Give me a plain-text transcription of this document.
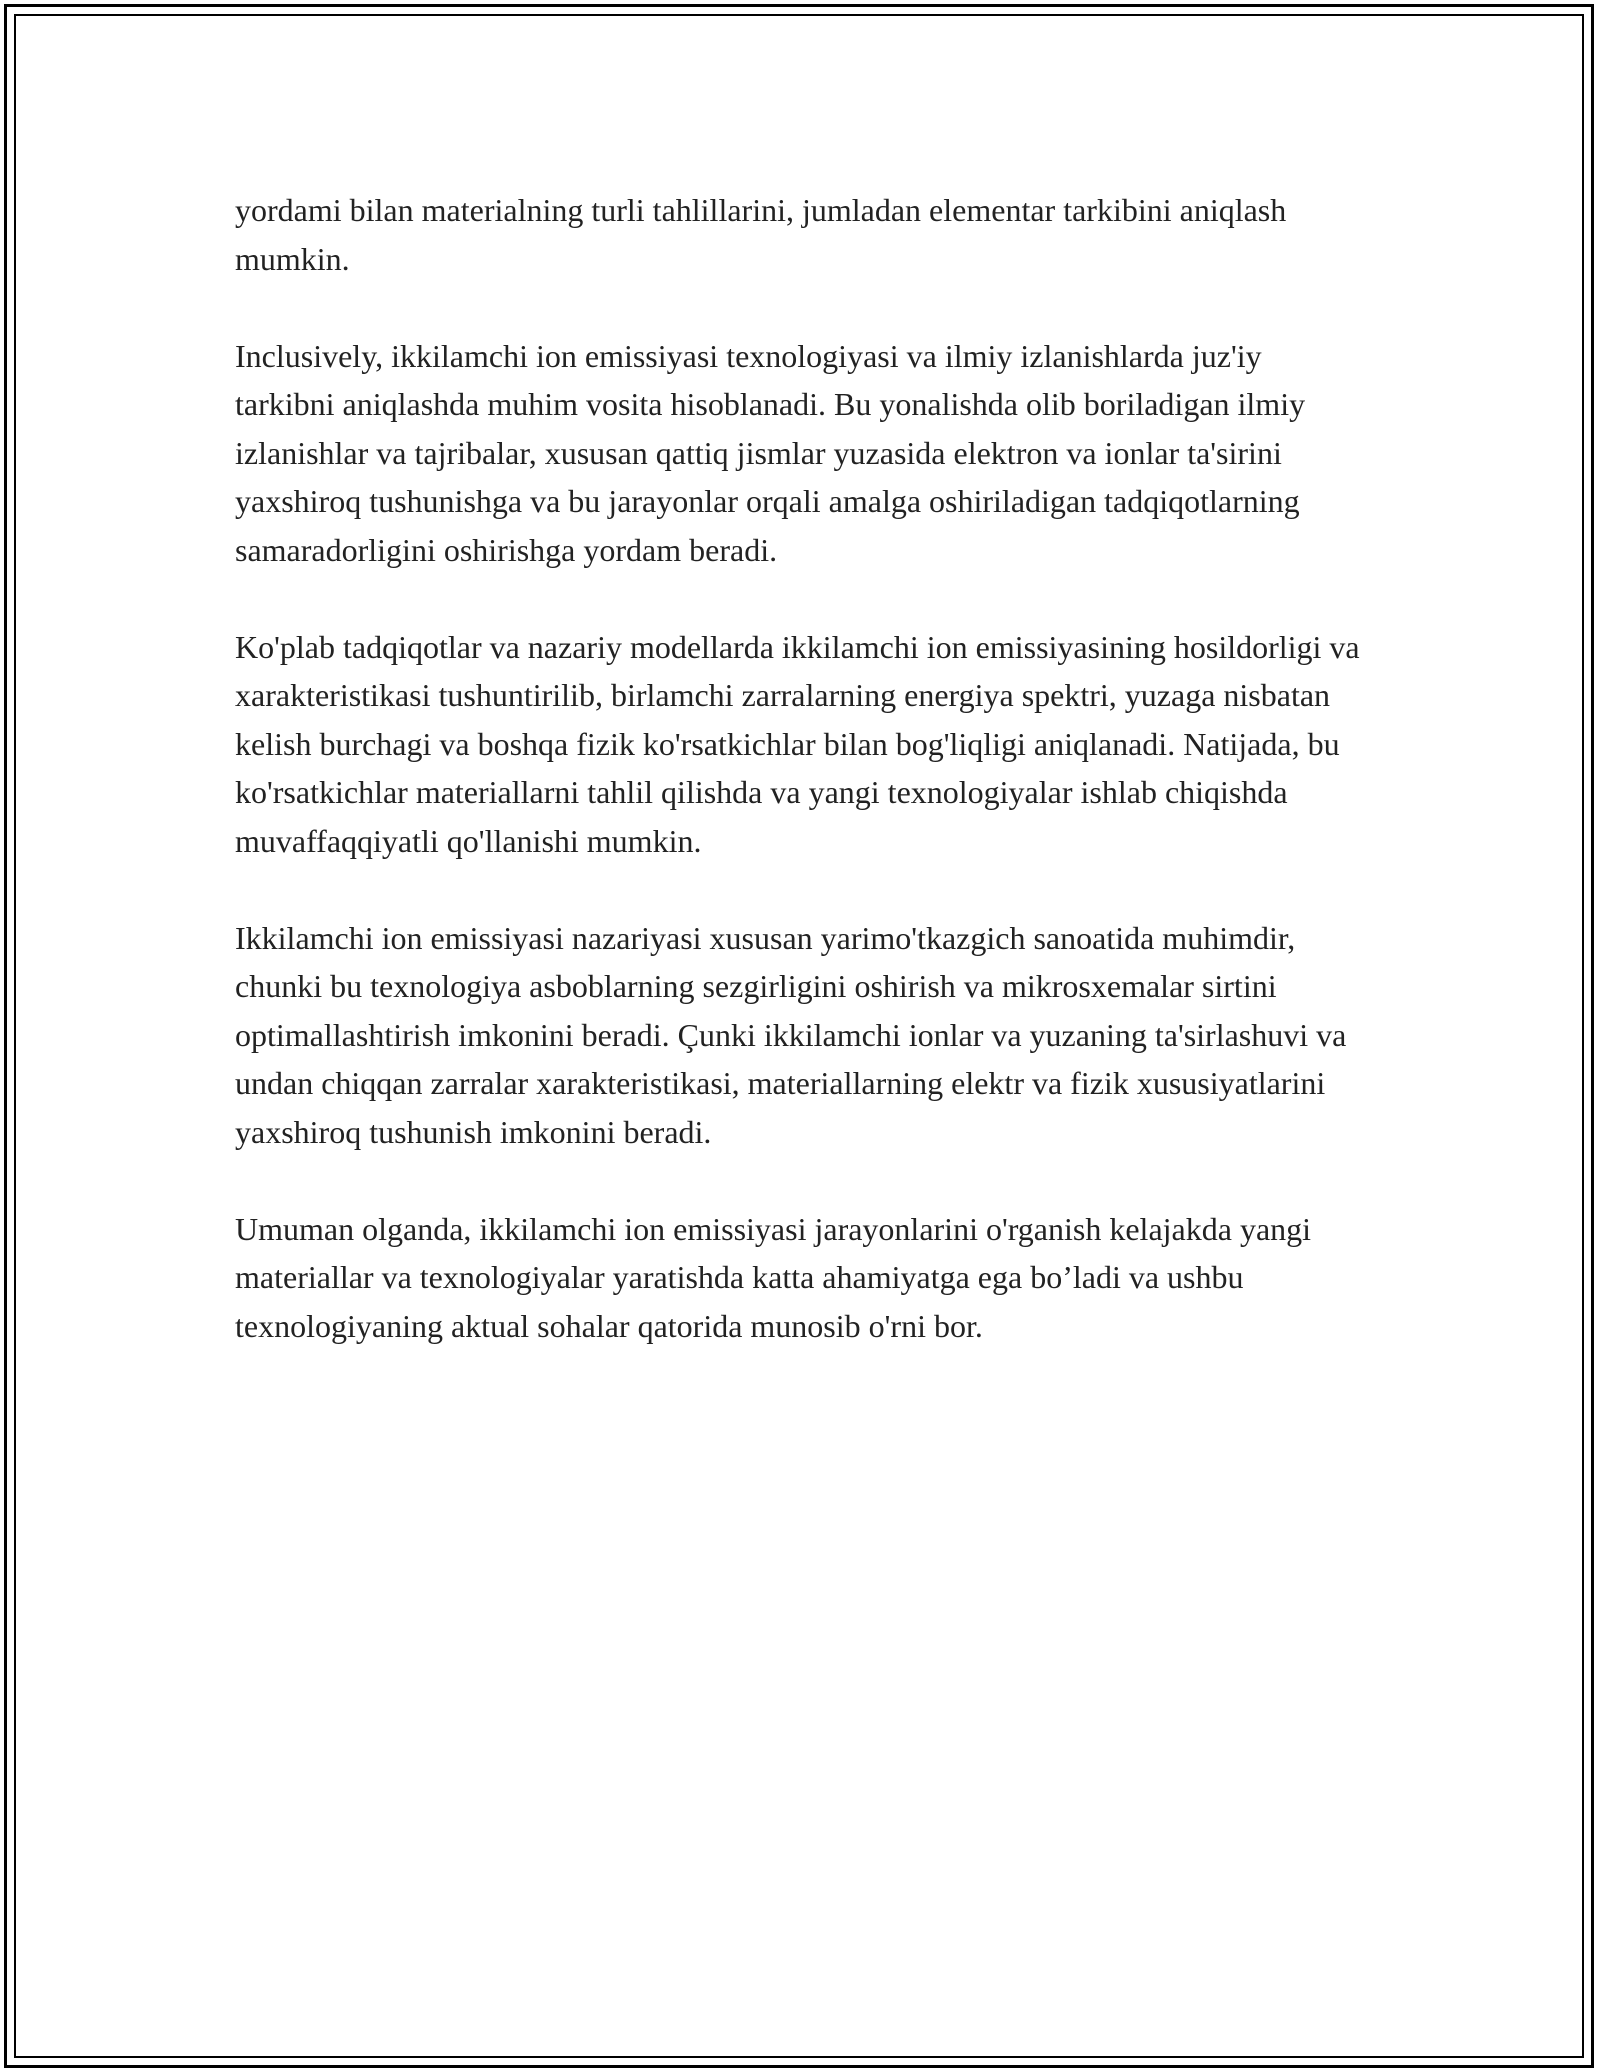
yordami bilan materialning turli tahlillarini, jumladan elementar tarkibini aniqlash mumkin.

Inclusively, ikkilamchi ion emissiyasi texnologiyasi va ilmiy izlanishlarda juz'iy tarkibni aniqlashda muhim vosita hisoblanadi. Bu yonalishda olib boriladigan ilmiy izlanishlar va tajribalar, xususan qattiq jismlar yuzasida elektron va ionlar ta'sirini yaxshiroq tushunishga va bu jarayonlar orqali amalga oshiriladigan tadqiqotlarning samaradorligini oshirishga yordam beradi.

Ko'plab tadqiqotlar va nazariy modellarda ikkilamchi ion emissiyasining hosildorligi va xarakteristikasi tushuntirilib, birlamchi zarralarning energiya spektri, yuzaga nisbatan kelish burchagi va boshqa fizik ko'rsatkichlar bilan bog'liqligi aniqlanadi. Natijada, bu ko'rsatkichlar materiallarni tahlil qilishda va yangi texnologiyalar ishlab chiqishda muvaffaqqiyatli qo'llanishi mumkin.

Ikkilamchi ion emissiyasi nazariyasi xususan yarimo'tkazgich sanoatida muhimdir, chunki bu texnologiya asboblarning sezgirligini oshirish va mikrosxemalar sirtini optimallashtirish imkonini beradi. Çunki ikkilamchi ionlar va yuzaning ta'sirlashuvi va undan chiqqan zarralar xarakteristikasi, materiallarning elektr va fizik xususiyatlarini yaxshiroq tushunish imkonini beradi.

Umuman olganda, ikkilamchi ion emissiyasi jarayonlarini o'rganish kelajakda yangi materiallar va texnologiyalar yaratishda katta ahamiyatga ega bo’ladi va ushbu texnologiyaning aktual sohalar qatorida munosib o'rni bor.
